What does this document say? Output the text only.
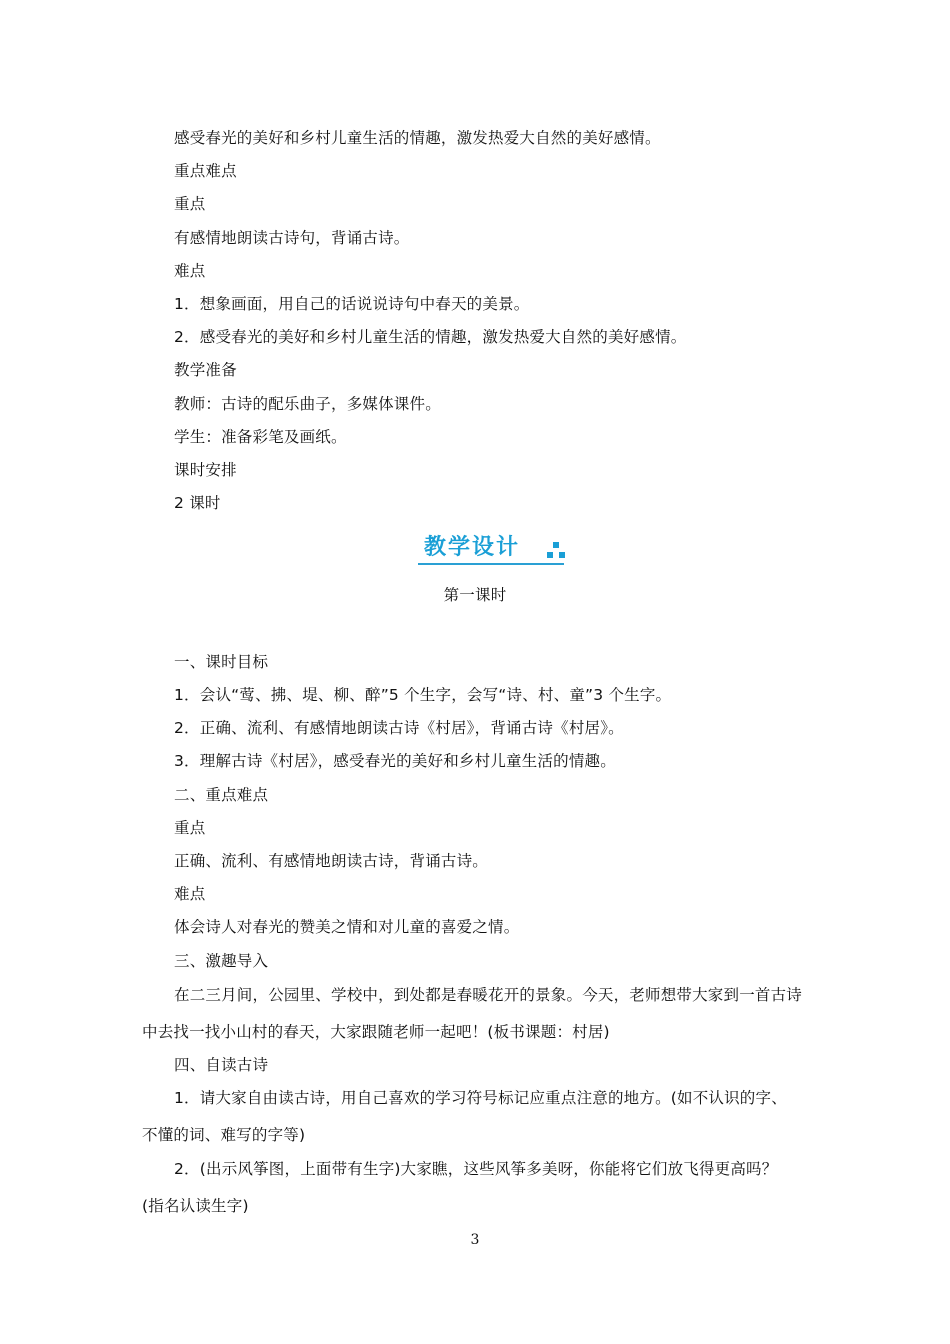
感受春光的美好和乡村儿童生活的情趣，激发热爱大自然的美好感情。
重点难点
重点
有感情地朗读古诗句，背诵古诗。
难点
1．想象画面，用自己的话说说诗句中春天的美景。
2．感受春光的美好和乡村儿童生活的情趣，激发热爱大自然的美好感情。
教学准备
教师：古诗的配乐曲子，多媒体课件。
学生：准备彩笔及画纸。
课时安排
2 课时
教学设计
第一课时
一、课时目标
1．会认“莺、拂、堤、柳、醉”5 个生字，会写“诗、村、童”3 个生字。
2．正确、流利、有感情地朗读古诗《村居》，背诵古诗《村居》。
3．理解古诗《村居》，感受春光的美好和乡村儿童生活的情趣。
二、重点难点
重点
正确、流利、有感情地朗读古诗，背诵古诗。
难点
体会诗人对春光的赞美之情和对儿童的喜爱之情。
三、激趣导入
在二三月间，公园里、学校中，到处都是春暖花开的景象。今天，老师想带大家到一首古诗
中去找一找小山村的春天，大家跟随老师一起吧！(板书课题：村居)
四、自读古诗
1．请大家自由读古诗，用自己喜欢的学习符号标记应重点注意的地方。(如不认识的字、
不懂的词、难写的字等)
2．(出示风筝图，上面带有生字)大家瞧，这些风筝多美呀，你能将它们放飞得更高吗？
(指名认读生字)
3
